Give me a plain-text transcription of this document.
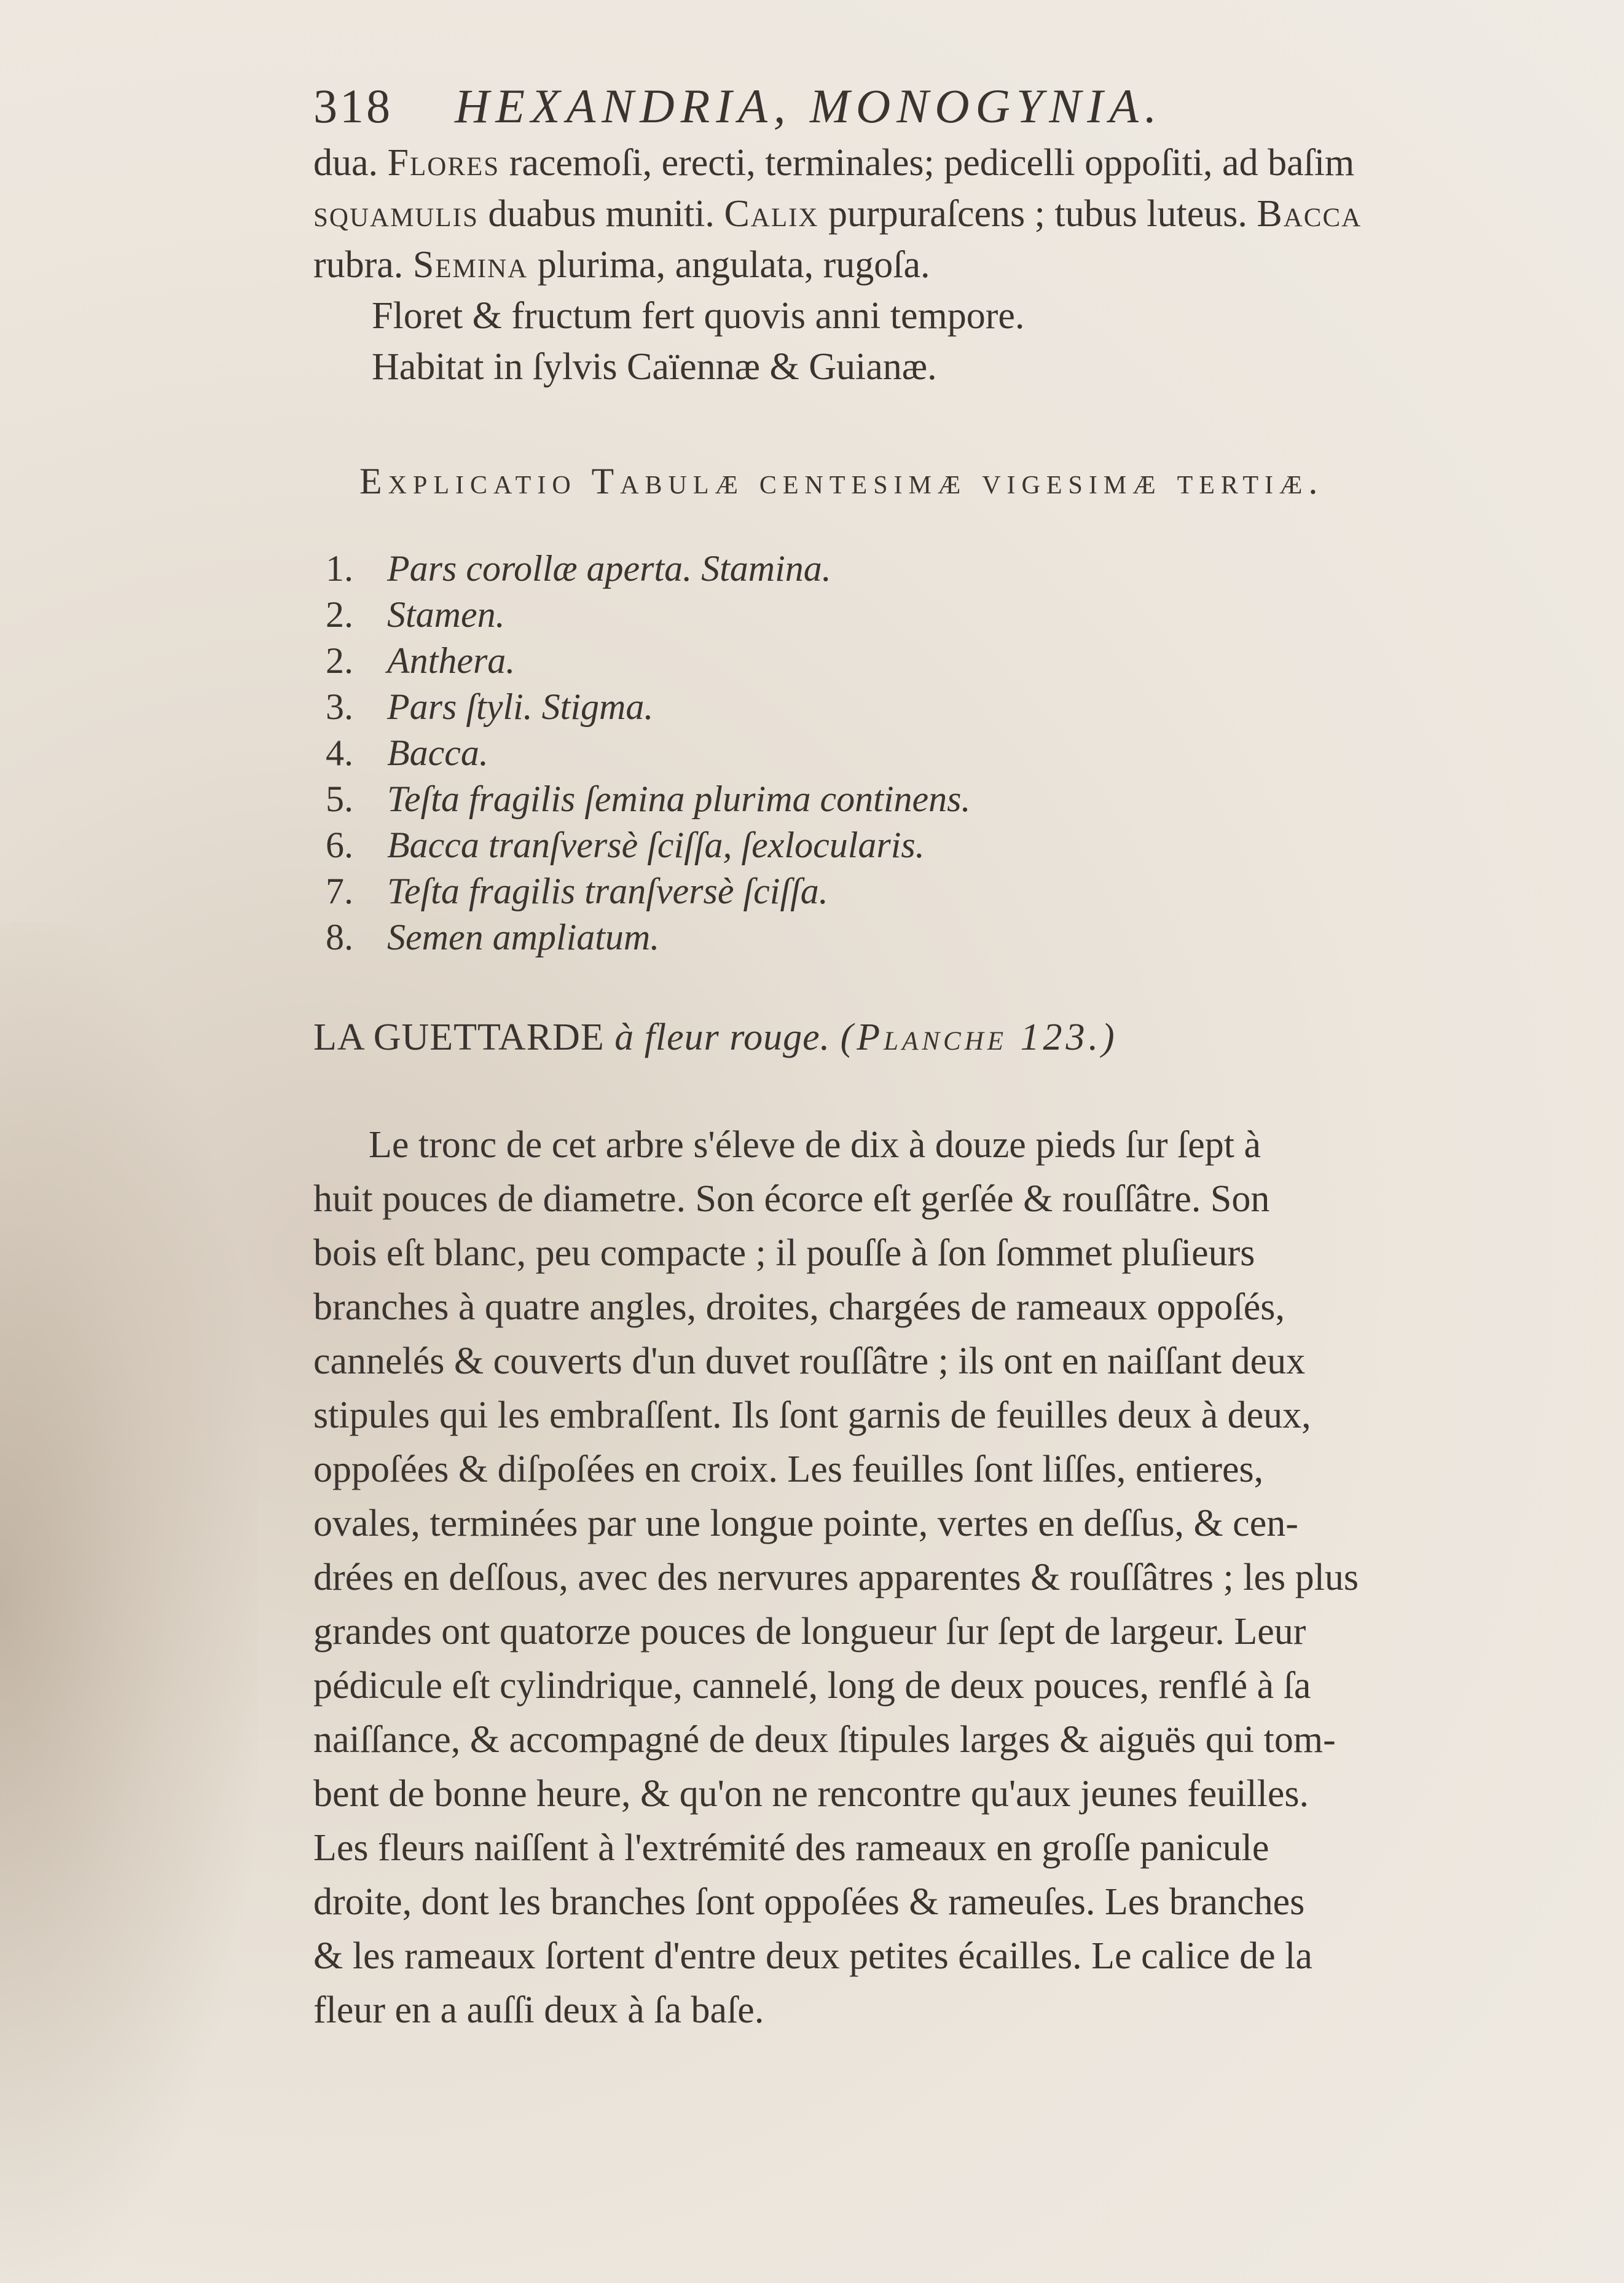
318 HEXANDRIA, MONOGYNIA.
dua. Flores racemoſi, erecti, terminales; pedicelli oppoſiti, ad baſim
squamulis duabus muniti. Calix purpuraſcens ; tubus luteus. Bacca
rubra. Semina plurima, angulata, rugoſa.
Floret & fructum fert quovis anni tempore.
Habitat in ſylvis Caïennæ & Guianæ.
Explicatio Tabulæ centesimæ vigesimæ tertiæ.
1. Pars corollæ aperta. Stamina.
2. Stamen.
2. Anthera.
3. Pars ſtyli. Stigma.
4. Bacca.
5. Teſta fragilis ſemina plurima continens.
6. Bacca tranſversè ſciſſa, ſexlocularis.
7. Teſta fragilis tranſversè ſciſſa.
8. Semen ampliatum.
LA GUETTARDE à fleur rouge. (Planche 123.)
Le tronc de cet arbre s'éleve de dix à douze pieds ſur ſept à
huit pouces de diametre. Son écorce eſt gerſée & rouſſâtre. Son
bois eſt blanc, peu compacte ; il pouſſe à ſon ſommet pluſieurs
branches à quatre angles, droites, chargées de rameaux oppoſés,
cannelés & couverts d'un duvet rouſſâtre ; ils ont en naiſſant deux
stipules qui les embraſſent. Ils ſont garnis de feuilles deux à deux,
oppoſées & diſpoſées en croix. Les feuilles ſont liſſes, entieres,
ovales, terminées par une longue pointe, vertes en deſſus, & cen-
drées en deſſous, avec des nervures apparentes & rouſſâtres ; les plus
grandes ont quatorze pouces de longueur ſur ſept de largeur. Leur
pédicule eſt cylindrique, cannelé, long de deux pouces, renflé à ſa
naiſſance, & accompagné de deux ſtipules larges & aiguës qui tom-
bent de bonne heure, & qu'on ne rencontre qu'aux jeunes feuilles.
Les fleurs naiſſent à l'extrémité des rameaux en groſſe panicule
droite, dont les branches ſont oppoſées & rameuſes. Les branches
& les rameaux ſortent d'entre deux petites écailles. Le calice de la
fleur en a auſſi deux à ſa baſe.
